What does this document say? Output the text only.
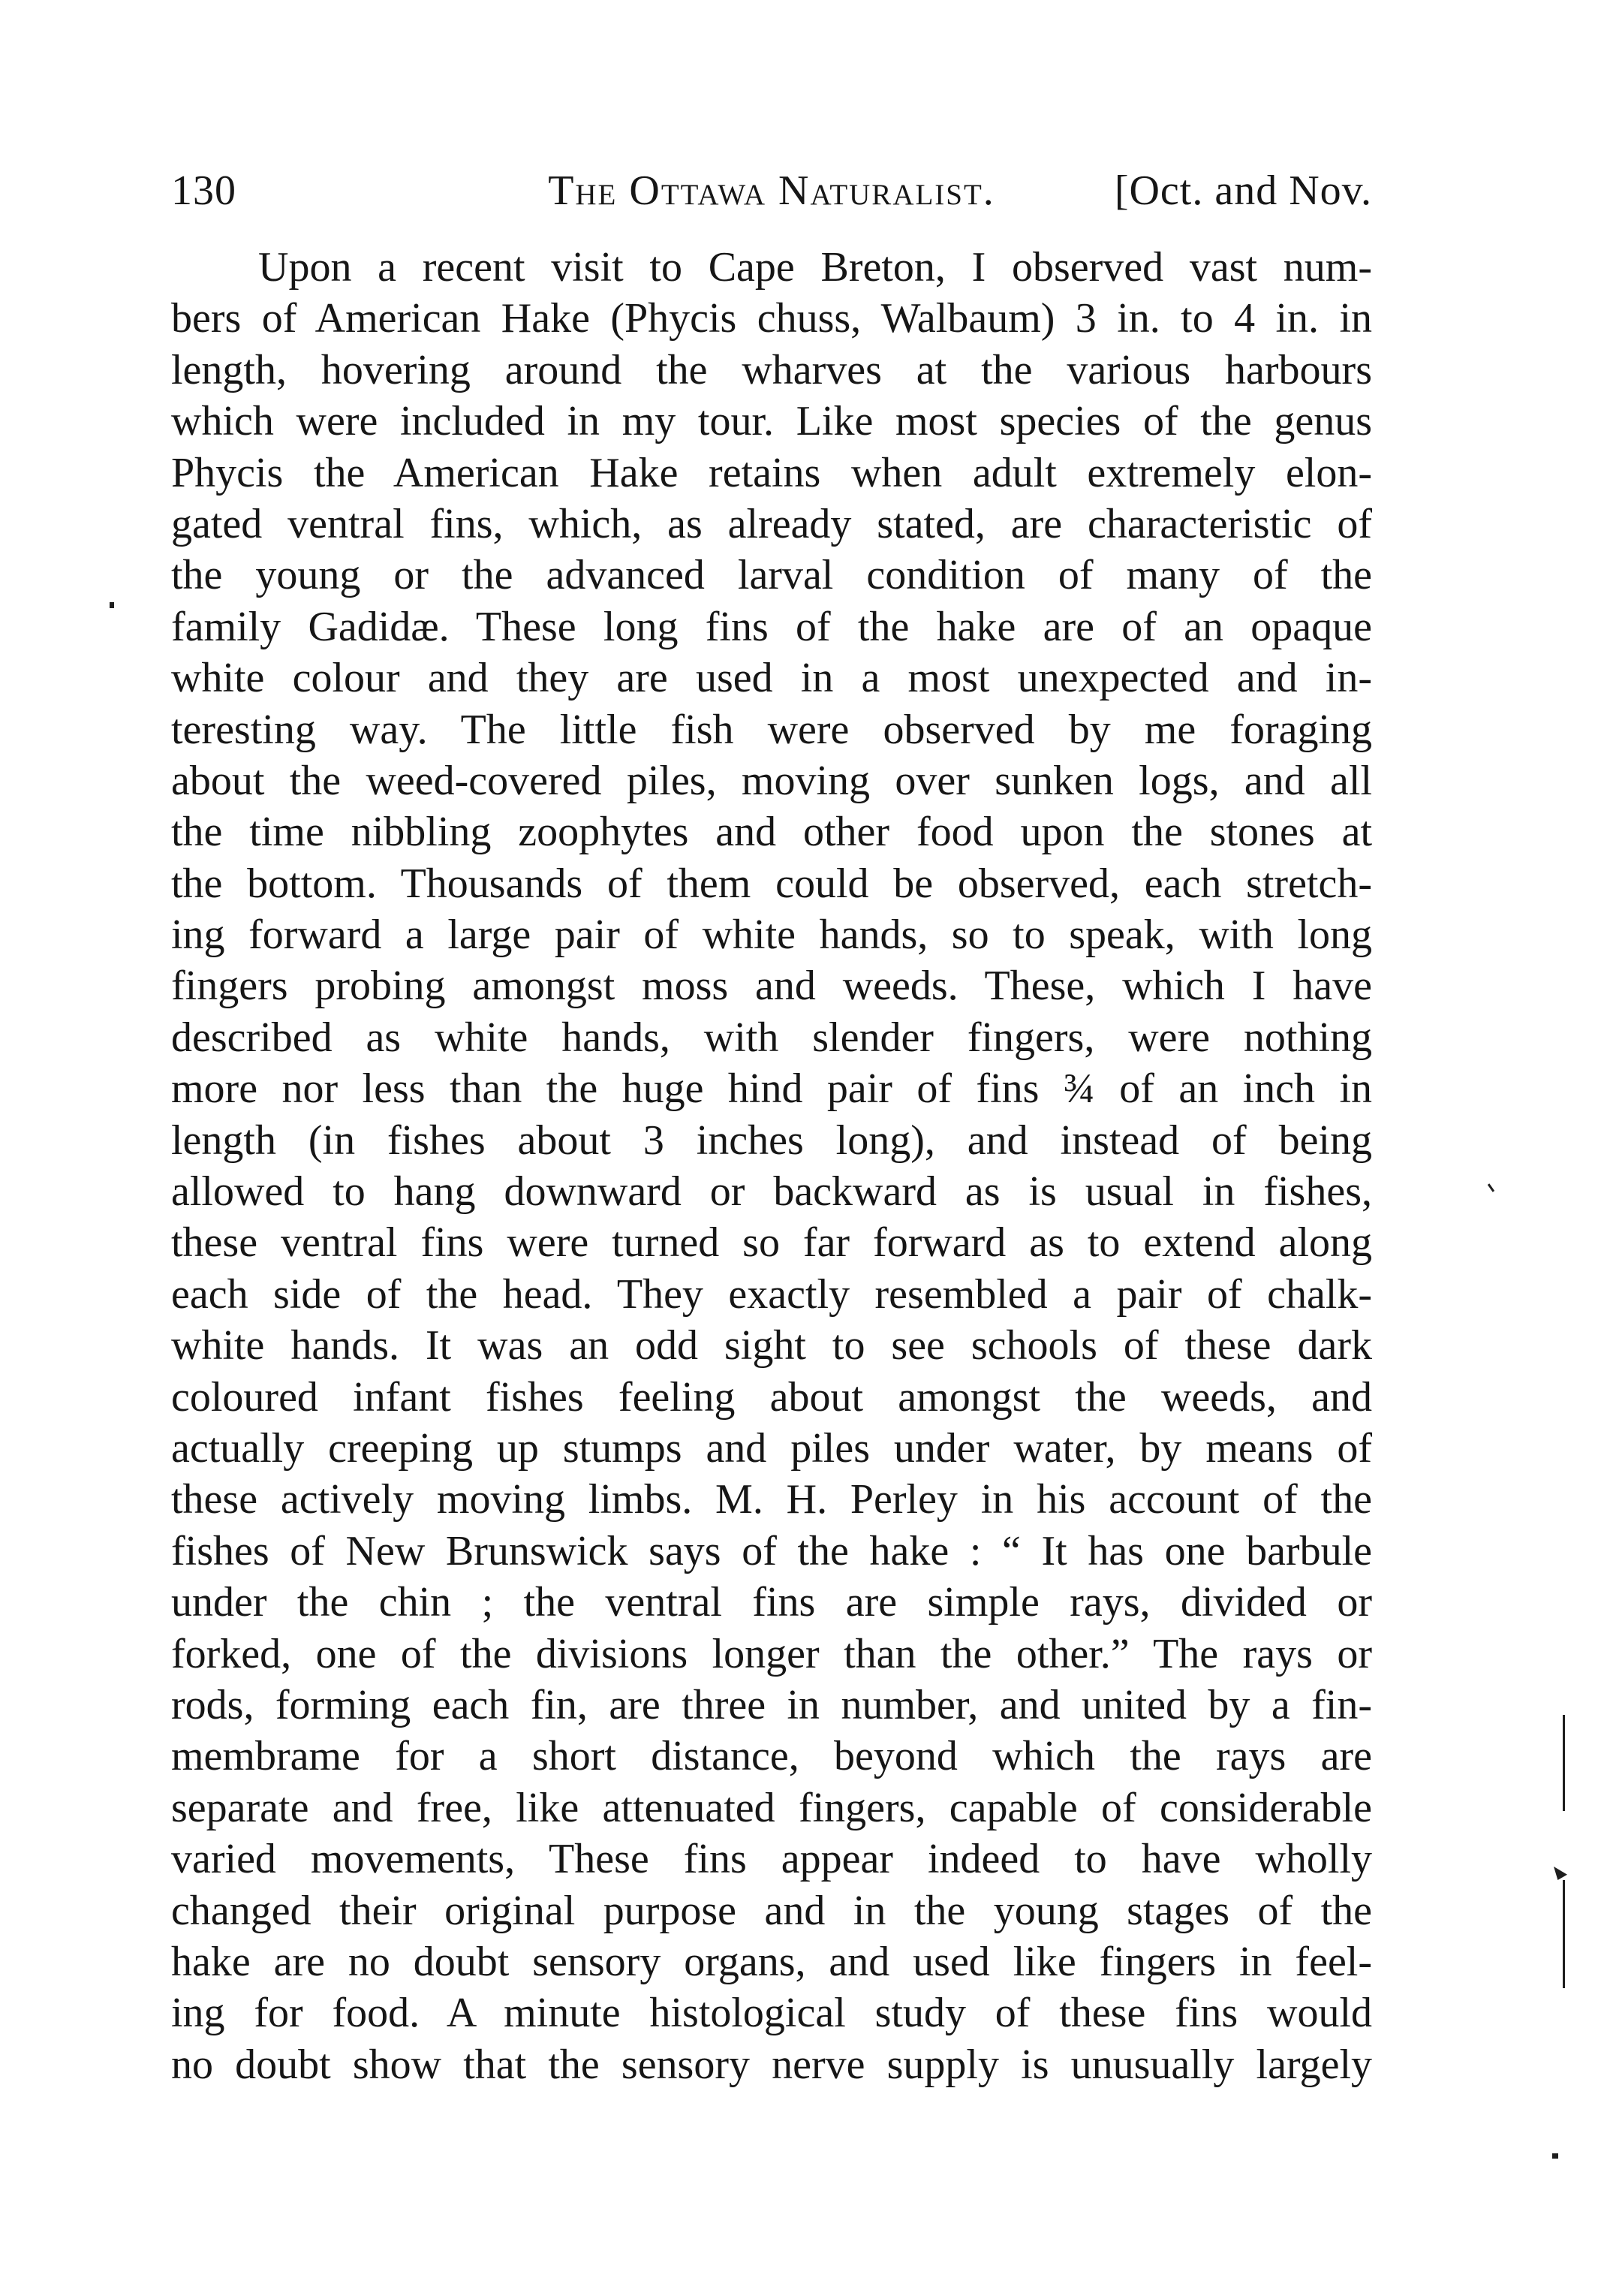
130	The Ottawa Naturalist.	[Oct. and Nov.
Upon a recent visit to Cape Breton, I observed vast num-
bers of American Hake (Phycis chuss, Walbaum) 3 in. to 4 in. in
length, hovering around the wharves at the various harbours
which were included in my tour. Like most species of the genus
Phycis the American Hake retains when adult extremely elon-
gated ventral fins, which, as already stated, are characteristic of
the young or the advanced larval condition of many of the
family Gadidæ. These long fins of the hake are of an opaque
white colour and they are used in a most unexpected and in-
teresting way. The little fish were observed by me foraging
about the weed-covered piles, moving over sunken logs, and all
the time nibbling zoophytes and other food upon the stones at
the bottom. Thousands of them could be observed, each stretch-
ing forward a large pair of white hands, so to speak, with long
fingers probing amongst moss and weeds. These, which I have
described as white hands, with slender fingers, were nothing
more nor less than the huge hind pair of fins ¾ of an inch in
length (in fishes about 3 inches long), and instead of being
allowed to hang downward or backward as is usual in fishes,
these ventral fins were turned so far forward as to extend along
each side of the head. They exactly resembled a pair of chalk-
white hands. It was an odd sight to see schools of these dark
coloured infant fishes feeling about amongst the weeds, and
actually creeping up stumps and piles under water, by means of
these actively moving limbs. M. H. Perley in his account of the
fishes of New Brunswick says of the hake : “ It has one barbule
under the chin ; the ventral fins are simple rays, divided or
forked, one of the divisions longer than the other.” The rays or
rods, forming each fin, are three in number, and united by a fin-
membrame for a short distance, beyond which the rays are
separate and free, like attenuated fingers, capable of considerable
varied movements, These fins appear indeed to have wholly
changed their original purpose and in the young stages of the
hake are no doubt sensory organs, and used like fingers in feel-
ing for food. A minute histological study of these fins would
no doubt show that the sensory nerve supply is unusually largely
